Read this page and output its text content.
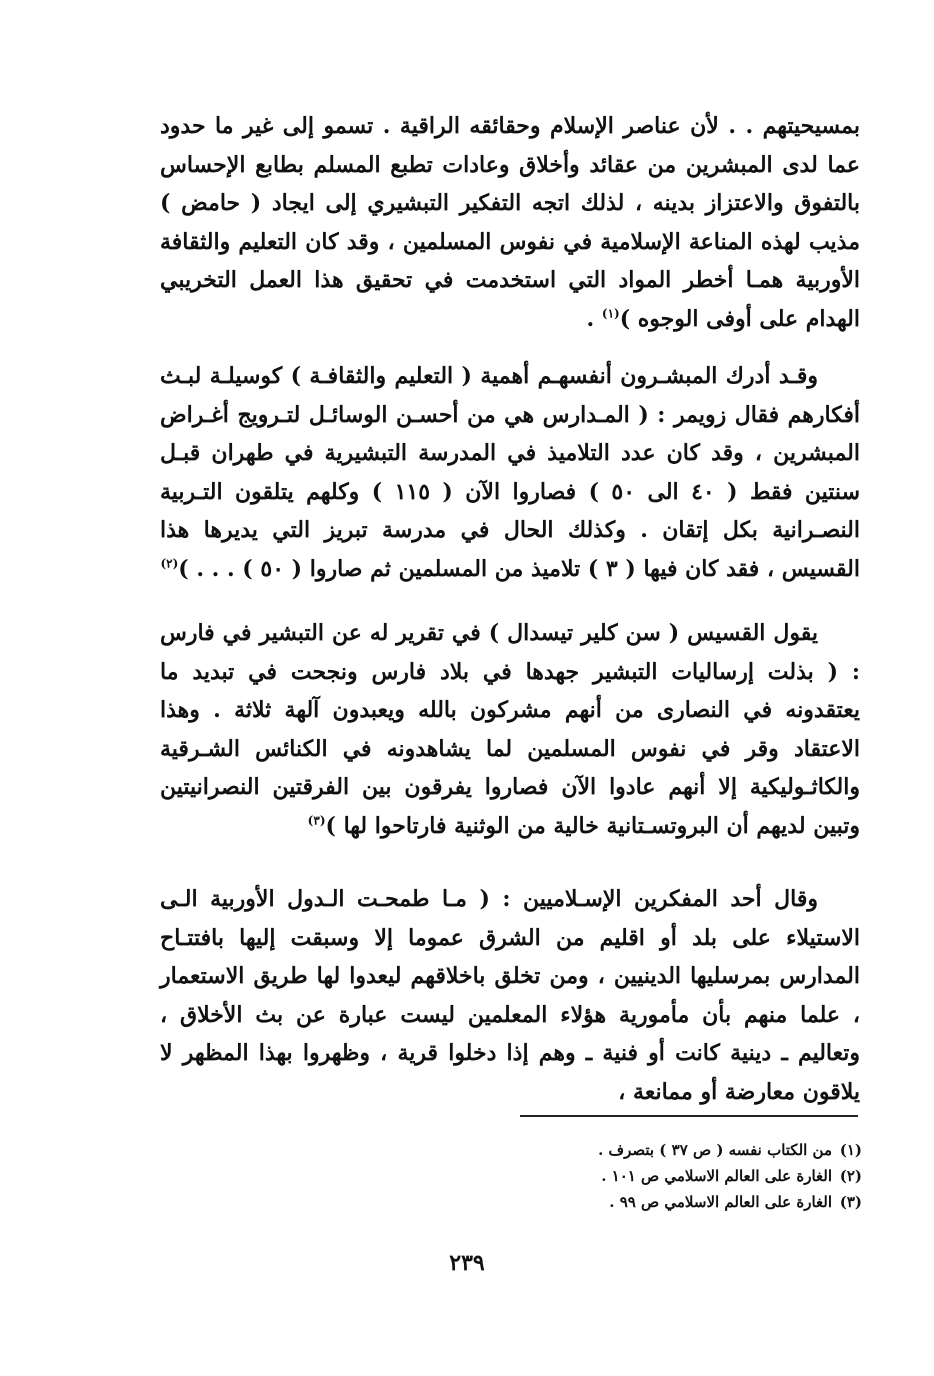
بمسيحيتهم . . لأن عناصر الإسلام وحقائقه الراقية . تسمو إلى غير ما حدود عما لدى المبشرين من عقائد وأخلاق وعادات تطبع المسلم بطابع الإحساس بالتفوق والاعتزاز بدينه ، لذلك اتجه التفكير التبشيري إلى ايجاد ( حامض ) مذيب لهذه المناعة الإسلامية في نفوس المسلمين ، وقد كان التعليم والثقافة الأوربية همـا أخطر المواد التي استخدمت في تحقيق هذا العمل التخريبي الهدام على أوفى الوجوه )$^{(١)}$ .
وقـد أدرك المبشـرون أنفسهـم أهمية ( التعليم والثقافـة ) كوسيلـة لبـث أفكارهم فقال زويمر : ( المـدارس هي من أحسـن الوسائـل لتـرويج أغـراض المبشرين ، وقد كان عدد التلاميذ في المدرسة التبشيرية في طهران قبـل سنتين فقط ( ٤٠ الى ٥٠ ) فصاروا الآن ( ١١٥ ) وكلهم يتلقون التـربية النصـرانية بكل إتقان . وكذلك الحال في مدرسة تبريز التي يديرها هذا القسيس ، فقد كان فيها ( ٣ ) تلاميذ من المسلمين ثم صاروا ( ٥٠ ) . . . )$^{(٢)}$
يقول القسيس ( سن كلير تيسدال ) في تقرير له عن التبشير في فارس : ( بذلت إرساليات التبشير جهدها في بلاد فارس ونجحت في تبديد ما يعتقدونه في النصارى من أنهم مشركون بالله ويعبدون آلهة ثلاثة . وهذا الاعتقاد وقر في نفوس المسلمين لما يشاهدونه في الكنائس الشـرقية والكاثـوليكية إلا أنهم عادوا الآن فصاروا يفرقون بين الفرقتين النصرانيتين وتبين لديهم أن البروتسـتانية خالية من الوثنية فارتاحوا لها )$^{(٣)}$
وقال أحد المفكرين الإسـلاميين : ( مـا طمحـت الـدول الأوربية الـى الاستيلاء على بلد أو اقليم من الشرق عموما إلا وسبقت إليها بافتتـاح المدارس بمرسليها الدينيين ، ومن تخلق باخلاقهم ليعدوا لها طريق الاستعمار ، علما منهم بأن مأمورية هؤلاء المعلمين ليست عبارة عن بث الأخلاق ، وتعاليم ـ دينية كانت أو فنية ـ وهم إذا دخلوا قرية ، وظهروا بهذا المظهر لا يلاقون معارضة أو ممانعة ،
(١)
من الكتاب نفسه ( ص ٣٧ ) بتصرف .
(٢)
الغارة على العالم الاسلامي ص ١٠١ .
(٣)
الغارة على العالم الاسلامي ص ٩٩ .
٢٣٩
